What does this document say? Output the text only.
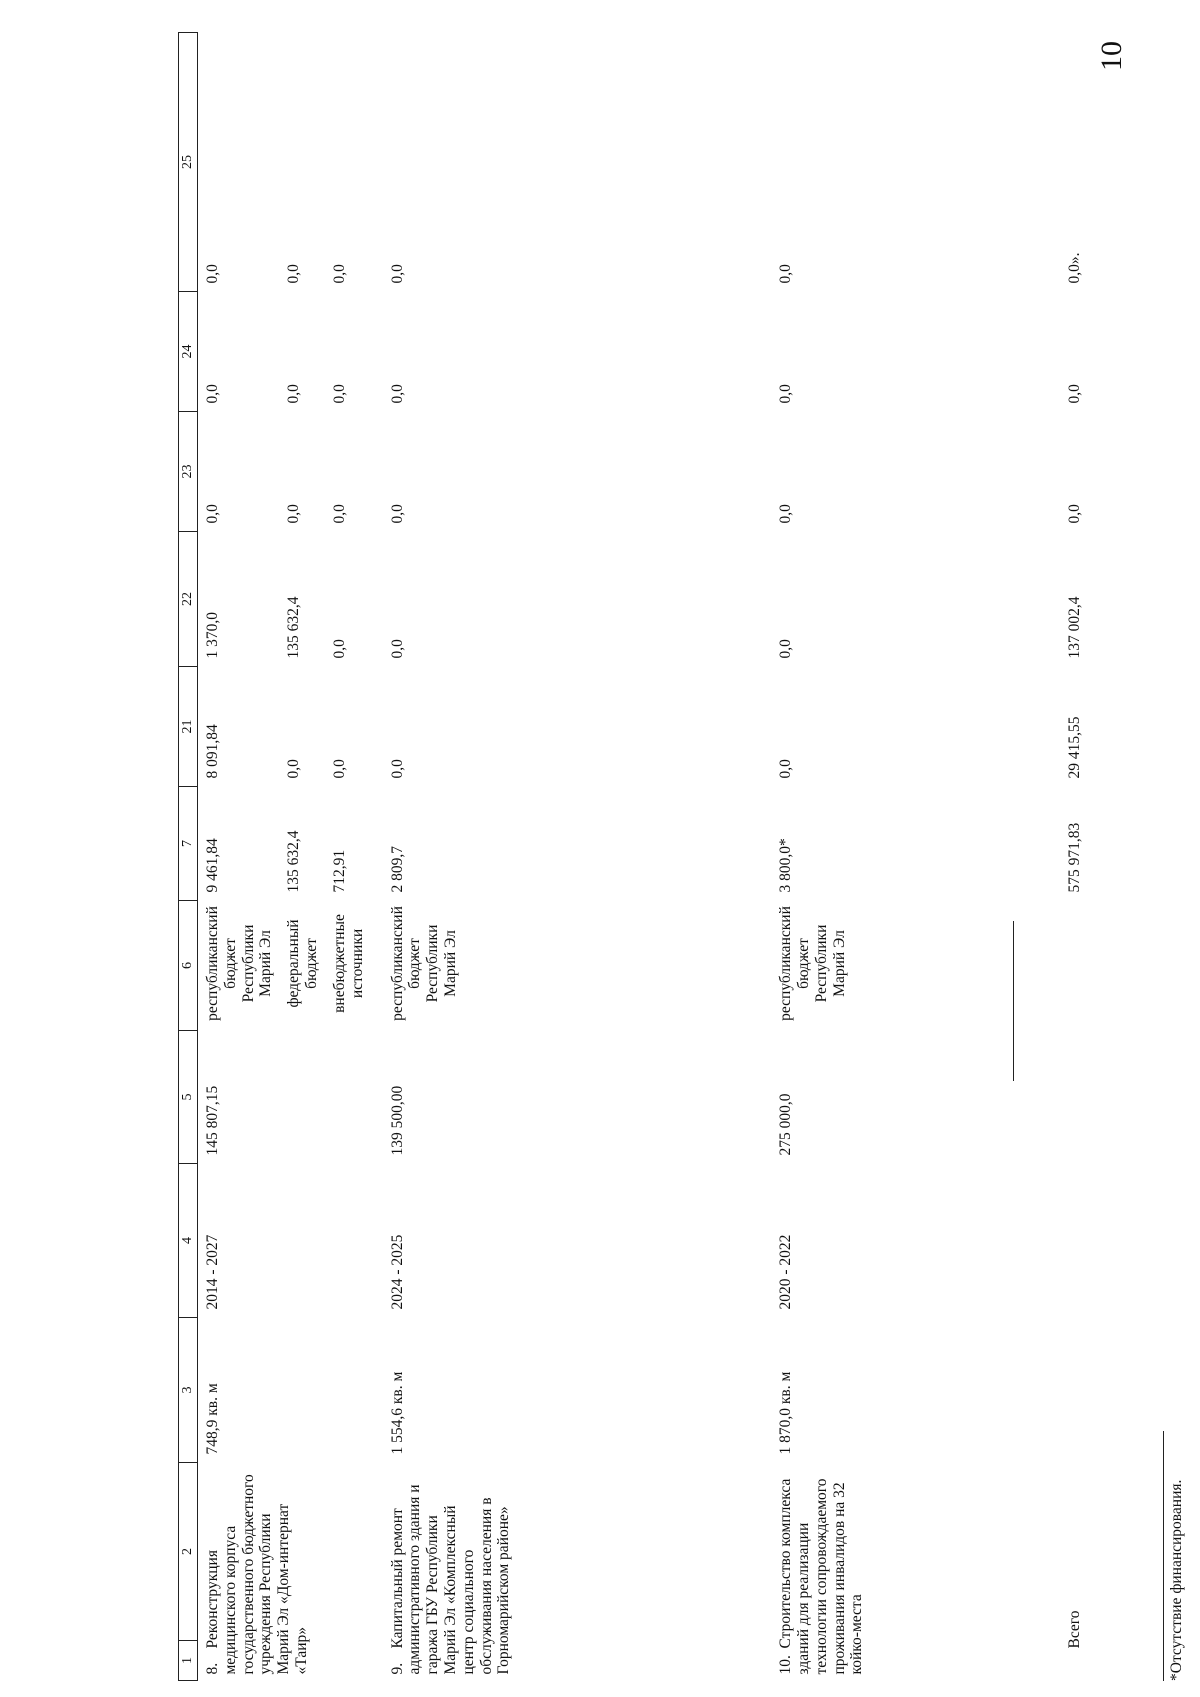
10
1	2	3	4	5	6	7	21	22	23	24	25
8.Реконструкция медицинского корпуса государственного бюджетного учреждения Республики Марий Эл «Дом-интернат «Таир»		748,9 кв. м	2014 - 2027	145 807,15	республиканский бюджет Республики Марий Эл	9 461,84	8 091,84	1 370,0	0,0	0,0	0,0
					федеральный бюджет	135 632,4	0,0	135 632,4	0,0	0,0	0,0
					внебюджетные источники	712,91	0,0	0,0	0,0	0,0	0,0

9.Капитальный ремонт административного здания и гаража ГБУ Республики Марий Эл «Комплексный центр социального обслуживания населения в Горномарийском районе»		1 554,6 кв. м	2024 - 2025	139 500,00	республиканский бюджет Республики Марий Эл	2 809,7	0,0	0,0	0,0	0,0	0,0

10.Строительство комплекса зданий для реализации технологии сопровождаемого проживания инвалидов на 32 койко-места		1 870,0 кв. м	2020 - 2022	275 000,0	республиканский бюджет Республики Марий Эл	3 800,0*	0,0	0,0	0,0	0,0	0,0

Всего						575 971,83	29 415,55	137 002,4	0,0	0,0	0,0».
*Отсутствие финансирования.
